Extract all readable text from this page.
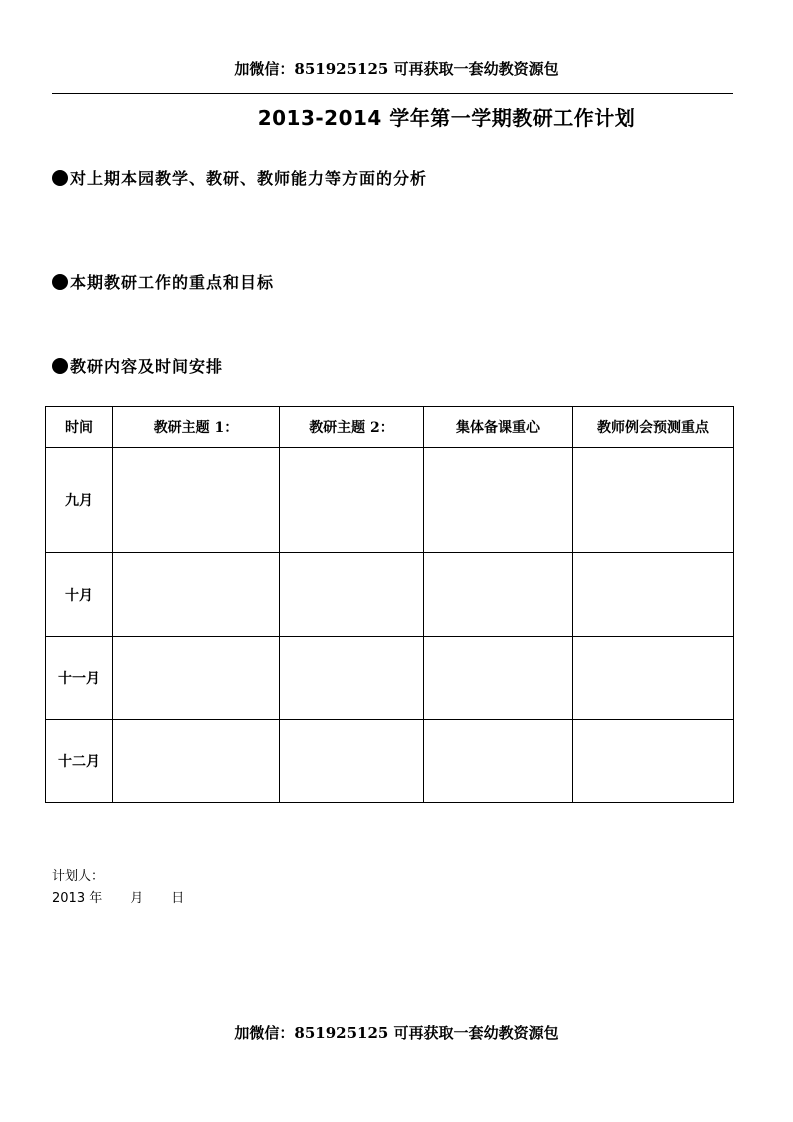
加微信：851925125 可再获取一套幼教资源包
2013-2014 学年第一学期教研工作计划
对上期本园教学、教研、教师能力等方面的分析
本期教研工作的重点和目标
教研内容及时间安排
时间	教研主题 1：	教研主题 2：	集体备课重心	教师例会预测重点
九月				
十月				
十一月				
十二月				
计划人：
2013 年 月 日
加微信：851925125 可再获取一套幼教资源包
